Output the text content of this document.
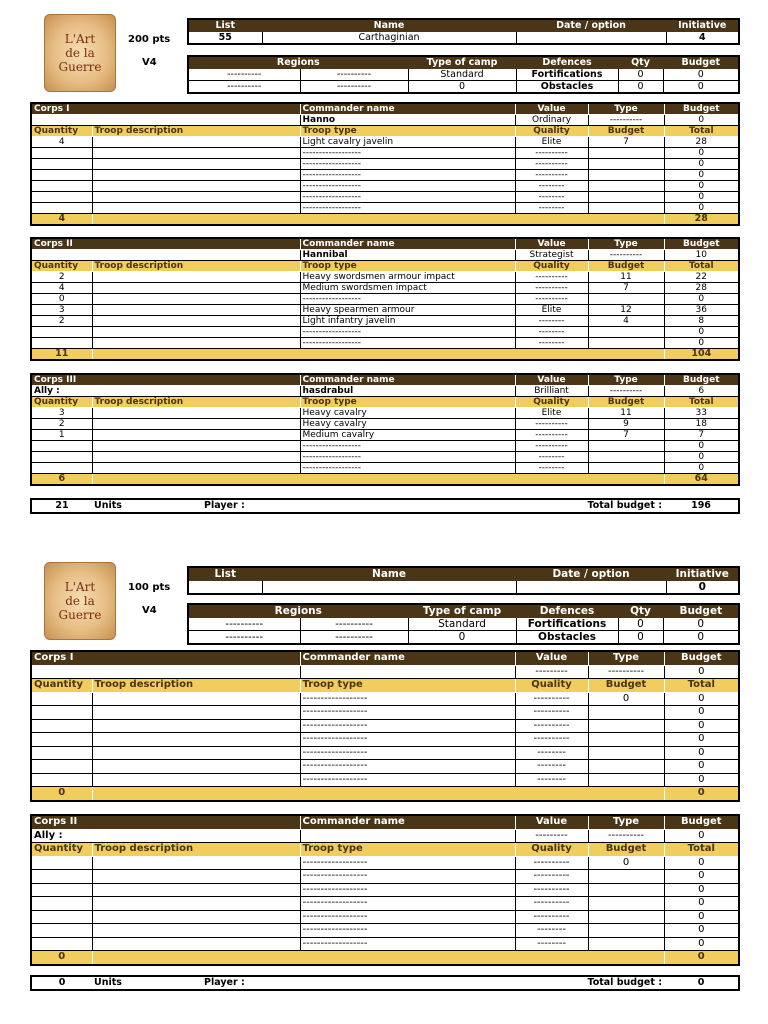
L'Art
de la
Guerre
200 pts
V4
List	Name	Date / option	Initiative
55	Carthaginian		4
Regions		Type of camp	Defences	Qty	Budget
----------	----------	Standard	Fortifications	0	0
----------	----------	0	Obstacles	0	0
Corps I		Commander name	Value	Type	Budget
		Hanno	Ordinary	----------	0
Quantity	Troop description	Troop type	Quality	Budget	Total
4		Light cavalry javelin	Elite	7	28
		------------------	----------		0
		------------------	----------		0
		------------------	----------		0
		------------------	--------		0
		------------------	--------		0
		------------------	--------		0
4					28
Corps II		Commander name	Value	Type	Budget
		Hannibal	Strategist	----------	10
Quantity	Troop description	Troop type	Quality	Budget	Total
2		Heavy swordsmen armour impact	----------	11	22
4		Medium swordsmen impact	----------	7	28
0		------------------	----------		0
3		Heavy spearmen armour	Elite	12	36
2		Light infantry javelin	--------	4	8
		------------------	--------		0
		------------------	--------		0
11					104
Corps III		Commander name	Value	Type	Budget
Ally :		hasdrabul	Brilliant	----------	6
Quantity	Troop description	Troop type	Quality	Budget	Total
3		Heavy cavalry	Elite	11	33
2		Heavy cavalry	----------	9	18
1		Medium cavalry	----------	7	7
		------------------	----------		0
		------------------	--------		0
		------------------	--------		0
6					64
21	Units	Player :	Total budget :	196
L'Art
de la
Guerre
100 pts
V4
List	Name	Date / option	Initiative
			0
Regions		Type of camp	Defences	Qty	Budget
----------	----------	Standard	Fortifications	0	0
----------	----------	0	Obstacles	0	0
Corps I		Commander name	Value	Type	Budget
			---------	----------	0
Quantity	Troop description	Troop type	Quality	Budget	Total
		------------------	----------	0	0
		------------------	----------		0
		------------------	----------		0
		------------------	----------		0
		------------------	--------		0
		------------------	--------		0
		------------------	--------		0
0					0
Corps II		Commander name	Value	Type	Budget
Ally :			---------	----------	0
Quantity	Troop description	Troop type	Quality	Budget	Total
		------------------	----------	0	0
		------------------	----------		0
		------------------	----------		0
		------------------	----------		0
		------------------	----------		0
		------------------	--------		0
		------------------	--------		0
0					0
0	Units	Player :	Total budget :	0
